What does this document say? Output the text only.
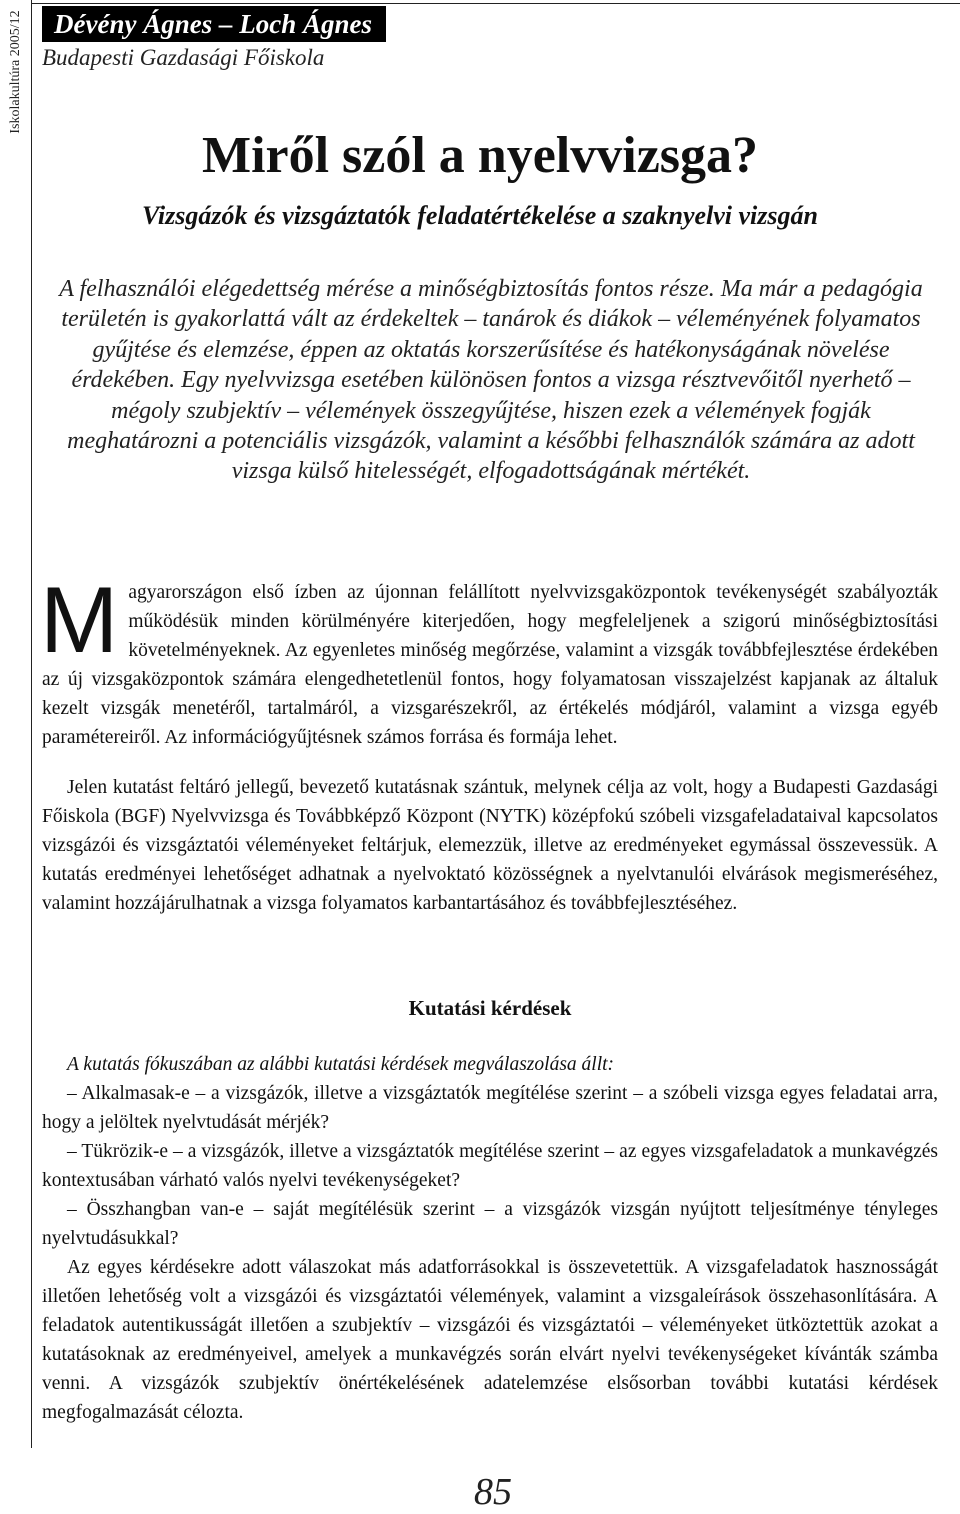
Iskolakultúra 2005/12	Dévény Ágnes – Loch Ágnes
Budapesti Gazdasági Főiskola
Miről szól a nyelvvizsga?
Vizsgázók és vizsgáztatók feladatértékelése a szaknyelvi vizsgán
A felhasználói elégedettség mérése a minőségbiztosítás fontos része. Ma már a pedagógia területén is gyakorlattá vált az érdekeltek – tanárok és diákok – véleményének folyamatos gyűjtése és elemzése, éppen az oktatás korszerűsítése és hatékonyságának növelése érdekében. Egy nyelvvizsga esetében különösen fontos a vizsga résztvevőitől nyerhető – mégoly szubjektív – vélemények összegyűjtése, hiszen ezek a vélemények fogják meghatározni a potenciális vizsgázók, valamint a későbbi felhasználók számára az adott vizsga külső hitelességét, elfogadottságának mértékét.
M agyarországon első ízben az újonnan felállított nyelvvizsgaközpontok tevékenységét szabályozták működésük minden körülményére kiterjedően, hogy megfeleljenek a szigorú minőségbiztosítási követelményeknek. Az egyenletes minőség megőrzése, valamint a vizsgák továbbfejlesztése érdekében az új vizsgaközpontok számára elengedhetetlenül fontos, hogy folyamatosan visszajelzést kapjanak az általuk kezelt vizsgák menetéről, tartalmáról, a vizsgarészekről, az értékelés módjáról, valamint a vizsga egyéb paramétereiről. Az információgyűjtésnek számos forrása és formája lehet.

Jelen kutatást feltáró jellegű, bevezető kutatásnak szántuk, melynek célja az volt, hogy a Budapesti Gazdasági Főiskola (BGF) Nyelvvizsga és Továbbképző Központ (NYTK) középfokú szóbeli vizsgafeladataival kapcsolatos vizsgázói és vizsgáztatói véleményeket feltárjuk, elemezzük, illetve az eredményeket egymással összevessük. A kutatás eredményei lehetőséget adhatnak a nyelvoktató közösségnek a nyelvtanulói elvárások megismeréséhez, valamint hozzájárulhatnak a vizsga folyamatos karbantartásához és továbbfejlesztéséhez.

Kutatási kérdések

A kutatás fókuszában az alábbi kutatási kérdések megválaszolása állt:

– Alkalmasak-e – a vizsgázók, illetve a vizsgáztatók megítélése szerint – a szóbeli vizsga egyes feladatai arra, hogy a jelöltek nyelvtudását mérjék?

– Tükrözik-e – a vizsgázók, illetve a vizsgáztatók megítélése szerint – az egyes vizsgafeladatok a munkavégzés kontextusában várható valós nyelvi tevékenységeket?

– Összhangban van-e – saját megítélésük szerint – a vizsgázók vizsgán nyújtott teljesítménye tényleges nyelvtudásukkal?

Az egyes kérdésekre adott válaszokat más adatforrásokkal is összevetettük. A vizsgafeladatok hasznosságát illetően lehetőség volt a vizsgázói és vizsgáztatói vélemények, valamint a vizsgaleírások összehasonlítására. A feladatok autentikusságát illetően a szubjektív – vizsgázói és vizsgáztatói – véleményeket ütköztettük azokat a kutatásoknak az eredményeivel, amelyek a munkavégzés során elvárt nyelvi tevékenységeket kívánták számba venni. A vizsgázók szubjektív önértékelésének adatelemzése elsősorban további kutatási kérdések megfogalmazását célozta.

85
